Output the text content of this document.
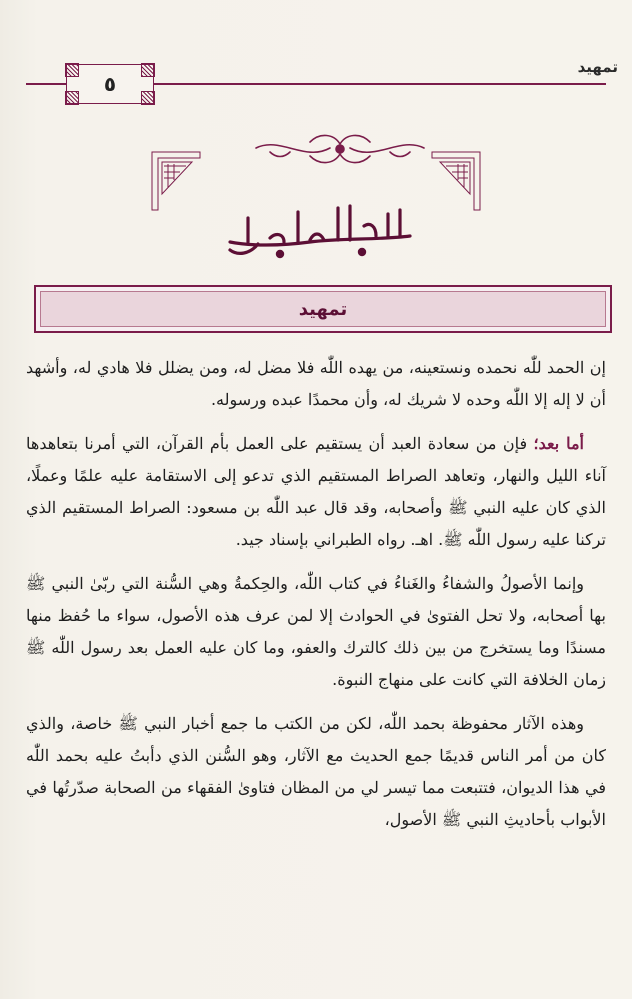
تمهيد
٥
تمهيد

إن الحمد للّٰه نحمده ونستعينه، من يهده اللّٰه فلا مضل له، ومن يضلل فلا هادي له، وأشهد أن لا إله إلا اللّٰه وحده لا شريك له، وأن محمدًا عبده ورسوله.

أما بعد؛ فإن من سعادة العبد أن يستقيم على العمل بأم القرآن، التي أمرنا بتعاهدها آناء الليل والنهار، وتعاهد الصراط المستقيم الذي تدعو إلى الاستقامة عليه علمًا وعملًا، الذي كان عليه النبي ﷺ وأصحابه، وقد قال عبد اللّٰه بن مسعود: الصراط المستقيم الذي تركنا عليه رسول اللّٰه ﷺ. اهـ. رواه الطبراني بإسناد جيد.

وإنما الأصولُ والشفاءُ والغَناءُ في كتاب اللّٰه، والحِكمةُ وهي السُّنة التي ربّىٰ النبي ﷺ بها أصحابه، ولا تحل الفتوىٰ في الحوادث إلا لمن عرف هذه الأصول، سواء ما حُفظ منها مسندًا وما يستخرج من بين ذلك كالترك والعفو، وما كان عليه العمل بعد رسول اللّٰه ﷺ زمان الخلافة التي كانت على منهاج النبوة.

وهذه الآثار محفوظة بحمد اللّٰه، لكن من الكتب ما جمع أخبار النبي ﷺ خاصة، والذي كان من أمر الناس قديمًا جمع الحديث مع الآثار، وهو السُّنن الذي دأبتُ عليه بحمد اللّٰه في هذا الديوان، فتتبعت مما تيسر لي من المظان فتاوىٰ الفقهاء من الصحابة صدّرتُها في الأبواب بأحاديثِ النبي ﷺ الأصول،
